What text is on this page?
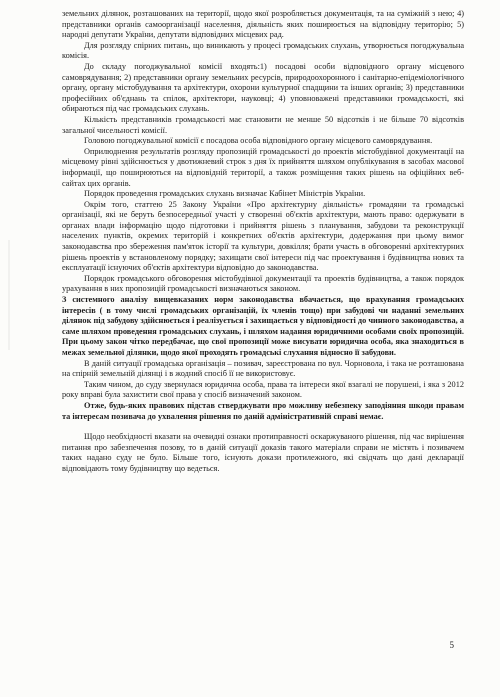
земельних ділянок, розташованих на території, щодо якої розробляється документація, та на суміжній з нею; 4) представники органів самоорганізації населення, діяльність яких поширюється на відповідну територію; 5) народні депутати України, депутати відповідних місцевих рад.

Для розгляду спірних питань, що виникають у процесі громадських слухань, утворюється погоджувальна комісія.

До складу погоджувальної комісії входять:1) посадові особи відповідного органу місцевого самоврядування; 2) представники органу земельних ресурсів, природоохоронного і санітарно-епідеміологічного органу, органу містобудування та архітектури, охорони культурної спадщини та інших органів; 3) представники професійних об'єднань та спілок, архітектори, науковці; 4) уповноважені представники громадськості, які обираються під час громадських слухань.

Кількість представників громадськості має становити не менше 50 відсотків і не більше 70 відсотків загальної чисельності комісії.

Головою погоджувальної комісії є посадова особа відповідного органу місцевого самоврядування.

Оприлюднення результатів розгляду пропозицій громадськості до проектів містобудівної документації на місцевому рівні здійснюється у двотижневий строк з дня їх прийняття шляхом опублікування в засобах масової інформації, що поширюються на відповідній території, а також розміщення таких рішень на офіційних веб-сайтах цих органів.

Порядок проведення громадських слухань визначає Кабінет Міністрів України.

Окрім того, статтею 25 Закону України «Про архітектурну діяльність» громадяни та громадські організації, які не беруть безпосередньої участі у створенні об'єктів архітектури, мають право: одержувати в органах влади інформацію щодо підготовки і прийняття рішень з планування, забудови та реконструкції населених пунктів, окремих територій і конкретних об'єктів архітектури, додержання при цьому вимог законодавства про збереження пам'яток історії та культури, довкілля; брати участь в обговоренні архітектурних рішень проектів у встановленому порядку; захищати свої інтереси під час проектування і будівництва нових та експлуатації існуючих об'єктів архітектури відповідно до законодавства.

Порядок громадського обговорення містобудівної документації та проектів будівництва, а також порядок урахування в них пропозицій громадськості визначаються законом.

З системного аналізу вищевказаних норм законодавства вбачається, що врахування громадських інтересів ( в тому числі громадських організацій, їх членів тощо) при забудові чи наданні земельних ділянок під забудову здійснюється і реалізується і захищається у відповідності до чинного законодавства, а саме шляхом проведення громадських слухань, і шляхом надання юридичними особами своїх пропозицій. При цьому закон чітко передбачає, що свої пропозиції може висувати юридична особа, яка знаходиться в межах земельної ділянки, щодо якої проходять громадські слухання відносно її забудови.

В даній ситуації громадська організація – позивач, зареєстрована по вул. Чорновола, і така не розташована на спірній земельній ділянці і в жодний спосіб її не використовує.

Таким чином, до суду звернулася юридична особа, права та інтереси якої взагалі не порушені, і яка з 2012 року вправі була захистити свої права у спосіб визначений законом.

Отже, будь-яких правових підстав стверджувати про можливу небезпеку заподіяння шкоди правам та інтересам позивача до ухвалення рішення по даній адміністративній справі немає.

Щодо необхідності вказати на очевидні ознаки протиправності оскаржуваного рішення, під час вирішення питання про забезпечення позову, то в даній ситуації доказів такого матеріали справи не містять і позивачем таких надано суду не було. Більше того, існують докази протилежного, які свідчать що дані декларації відповідають тому будівництву що ведеться.

5
